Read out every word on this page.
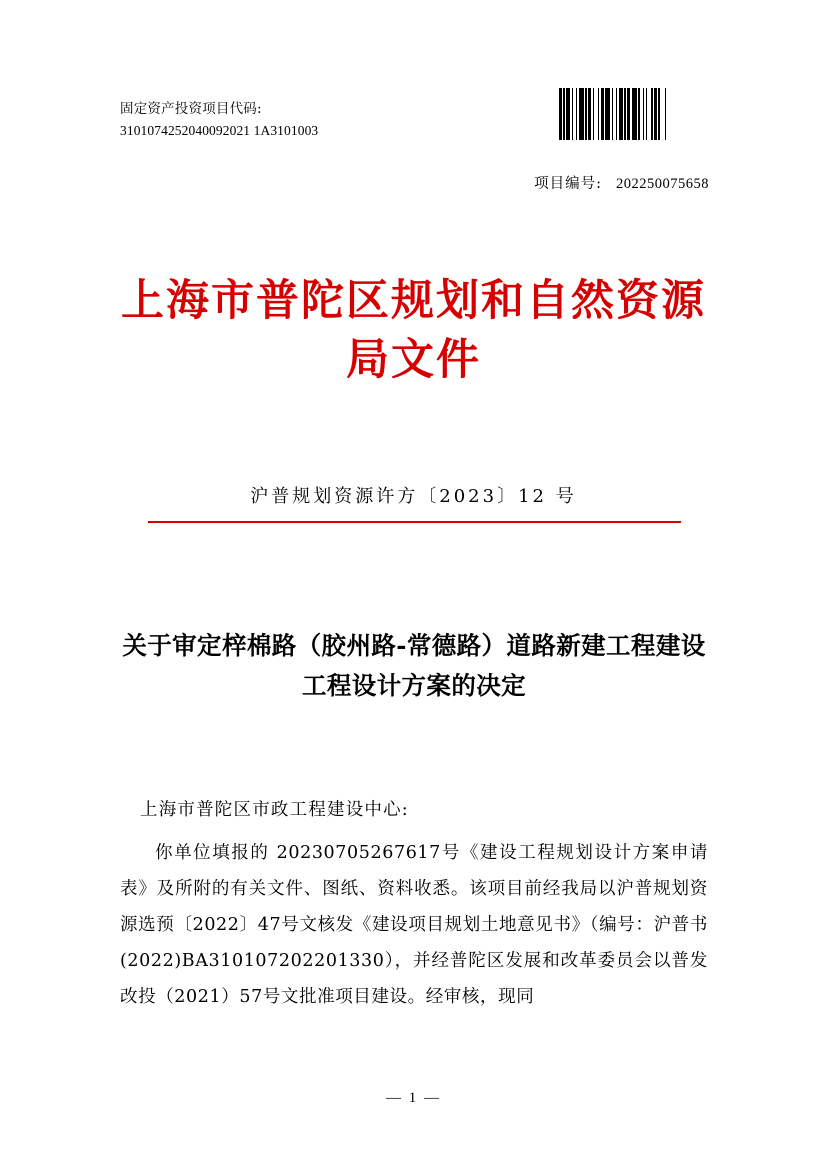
固定资产投资项目代码:
3101074252040092021 1A3101003
项目编号: 202250075658
上海市普陀区规划和自然资源
局文件
沪普规划资源许方〔2023〕12 号
关于审定梓棉路（胶州路-常德路）道路新建工程建设工程设计方案的决定
上海市普陀区市政工程建设中心:

你单位填报的 20230705267617号《建设工程规划设计方案申请表》及所附的有关文件、图纸、资料收悉。该项目前经我局以沪普规划资源选预〔2022〕47号文核发《建设项目规划土地意见书》（编号：沪普书(2022)BA310107202201330），并经普陀区发展和改革委员会以普发改投（2021）57号文批准项目建设。经审核，现同

— 1 —
